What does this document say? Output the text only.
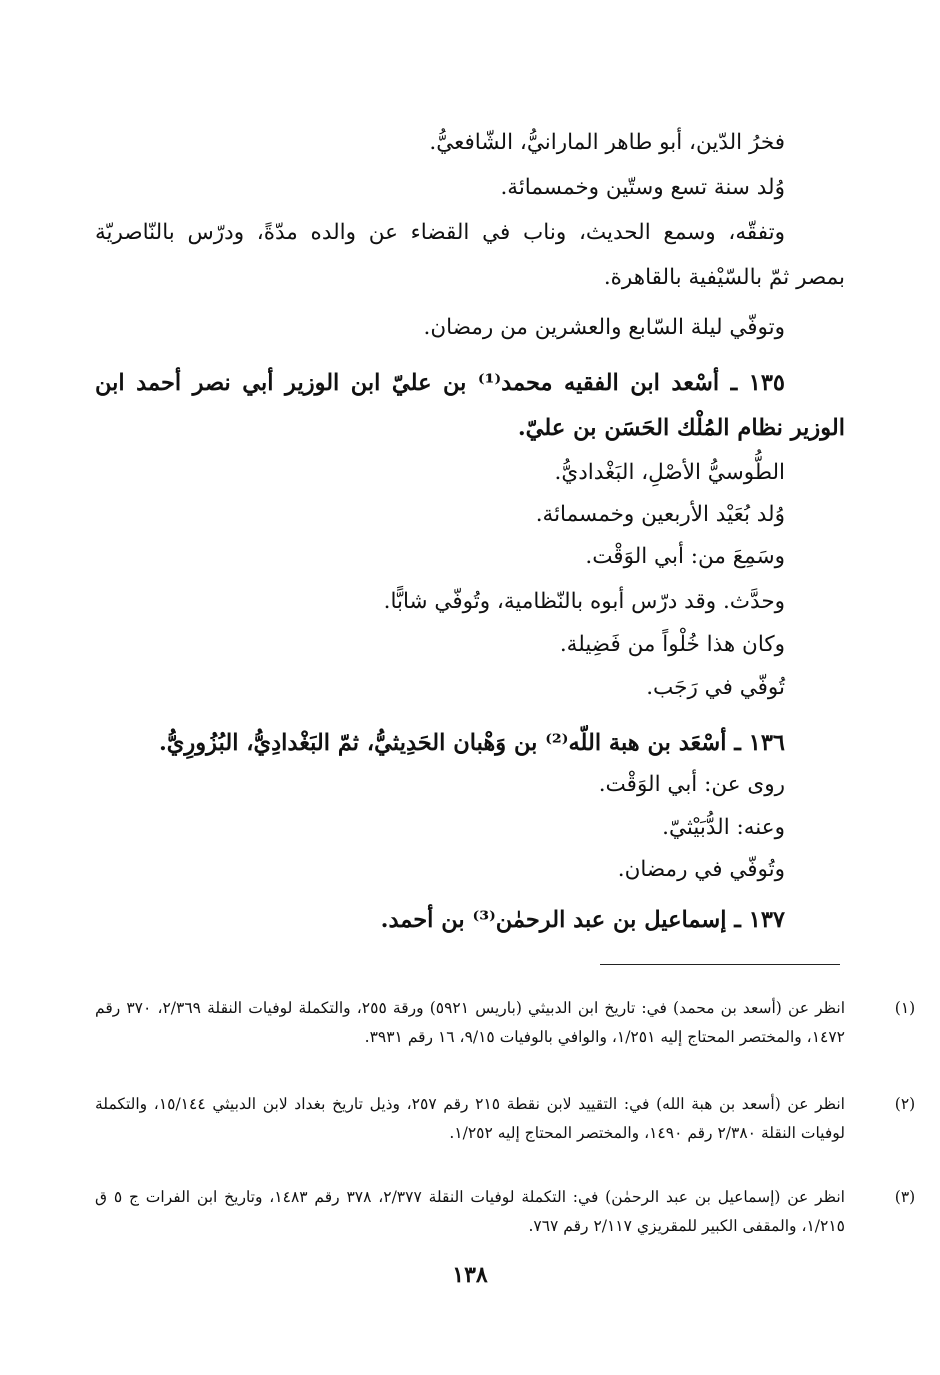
فخرُ الدّين، أبو طاهر المارانيُّ، الشّافعيُّ.
وُلد سنة تسع وستّين وخمسمائة.
وتفقّه، وسمع الحديث، وناب في القضاء عن والده مدّةً، ودرّس بالنّاصريّة
بمصر ثمّ بالسّيْفية بالقاهرة.
وتوفّي ليلة السّابع والعشرين من رمضان.
١٣٥ ـ أسْعد ابن الفقيه محمد⁽¹⁾ بن عليّ ابن الوزير أبي نصر أحمد ابن
الوزير نظام المُلْك الحَسَن بن عليّ.
الطُّوسيُّ الأصْلِ، البَغْداديُّ.
وُلد بُعَيْد الأربعين وخمسمائة.
وسَمِعَ من: أبي الوَقْت.
وحدَّث. وقد درّس أبوه بالنّظامية، وتُوفّي شابًّا.
وكان هذا خُلْواً من فَضِيلة.
تُوفّي في رَجَب.
١٣٦ ـ أسْعَد بن هبة اللّه⁽²⁾ بن وَهْبان الحَدِيثيُّ، ثمّ البَغْدادِيُّ، البُزُورِيُّ.
روى عن: أبي الوَقْت.
وعنه: الدُّبَيْثيّ.
وتُوفّي في رمضان.
١٣٧ ـ إسماعيل بن عبد الرحمٰن⁽³⁾ بن أحمد.
(١)
انظر عن (أسعد بن محمد) في: تاريخ ابن الدبيثي (باريس ٥٩٢١) ورقة ٢٥٥، والتكملة لوفيات النقلة ٢/٣٦٩، ٣٧٠ رقم ١٤٧٢، والمختصر المحتاج إليه ١/٢٥١، والوافي بالوفيات ٩/١٥، ١٦ رقم ٣٩٣١.
(٢)
انظر عن (أسعد بن هبة الله) في: التقييد لابن نقطة ٢١٥ رقم ٢٥٧، وذيل تاريخ بغداد لابن الدبيثي ١٥/١٤٤، والتكملة لوفيات النقلة ٢/٣٨٠ رقم ١٤٩٠، والمختصر المحتاج إليه ١/٢٥٢.
(٣)
انظر عن (إسماعيل بن عبد الرحمٰن) في: التكملة لوفيات النقلة ٢/٣٧٧، ٣٧٨ رقم ١٤٨٣، وتاريخ ابن الفرات ج ٥ ق ١/٢١٥، والمقفى الكبير للمقريزي ٢/١١٧ رقم ٧٦٧.
١٣٨
